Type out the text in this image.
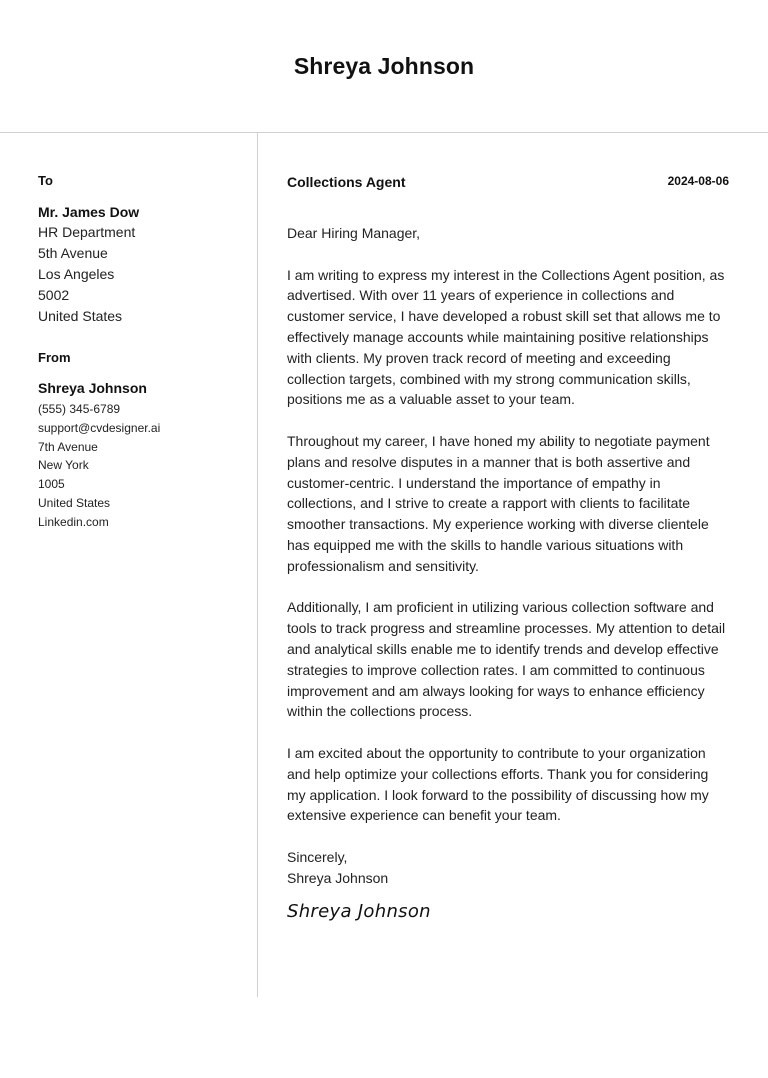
Shreya Johnson
To
Mr. James Dow
HR Department
5th Avenue
Los Angeles
5002
United States
From
Shreya Johnson
(555) 345-6789
support@cvdesigner.ai
7th Avenue
New York
1005
United States
Linkedin.com
Collections Agent	2024-08-06
Dear Hiring Manager,
I am writing to express my interest in the Collections Agent position, as advertised. With over 11 years of experience in collections and customer service, I have developed a robust skill set that allows me to effectively manage accounts while maintaining positive relationships with clients. My proven track record of meeting and exceeding collection targets, combined with my strong communication skills, positions me as a valuable asset to your team.
Throughout my career, I have honed my ability to negotiate payment plans and resolve disputes in a manner that is both assertive and customer-centric. I understand the importance of empathy in collections, and I strive to create a rapport with clients to facilitate smoother transactions. My experience working with diverse clientele has equipped me with the skills to handle various situations with professionalism and sensitivity.
Additionally, I am proficient in utilizing various collection software and tools to track progress and streamline processes. My attention to detail and analytical skills enable me to identify trends and develop effective strategies to improve collection rates. I am committed to continuous improvement and am always looking for ways to enhance efficiency within the collections process.
I am excited about the opportunity to contribute to your organization and help optimize your collections efforts. Thank you for considering my application. I look forward to the possibility of discussing how my extensive experience can benefit your team.
Sincerely,
Shreya Johnson
Shreya Johnson
